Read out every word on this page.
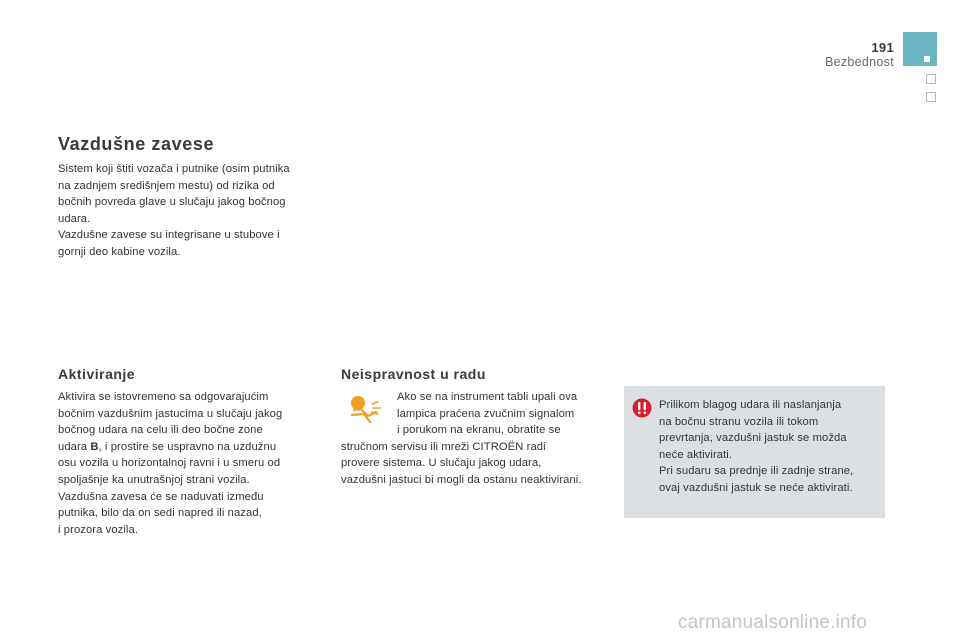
191
Bezbednost
Vazdušne zavese
Sistem koji štiti vozača i putnike (osim putnika
na zadnjem središnjem mestu) od rizika od
bočnih povreda glave u slučaju jakog bočnog
udara.
Vazdušne zavese su integrisane u stubove i
gornji deo kabine vozila.
Aktiviranje
Aktivira se istovremeno sa odgovarajućim
bočnim vazdušnim jastucima u slučaju jakog
bočnog udara na celu ili deo bočne zone
udara B, i prostire se uspravno na uzdužnu
osu vozila u horizontalnoj ravni i u smeru od
spoljašnje ka unutrašnjoj strani vozila.
Vazdušna zavesa će se naduvati između
putnika, bilo da on sedi napred ili nazad,
i prozora vozila.
Neispravnost u radu
Ako se na instrument tabli upali ova
lampica praćena zvučnim signalom
i porukom na ekranu, obratite se
stručnom servisu ili mreži CITROËN radi
provere sistema. U slučaju jakog udara,
vazdušni jastuci bi mogli da ostanu neaktivirani.
Prilikom blagog udara ili naslanjanja
na bočnu stranu vozila ili tokom
prevrtanja, vazdušni jastuk se možda
neće aktivirati.
Pri sudaru sa prednje ili zadnje strane,
ovaj vazdušni jastuk se neće aktivirati.
carmanualsonline.info
